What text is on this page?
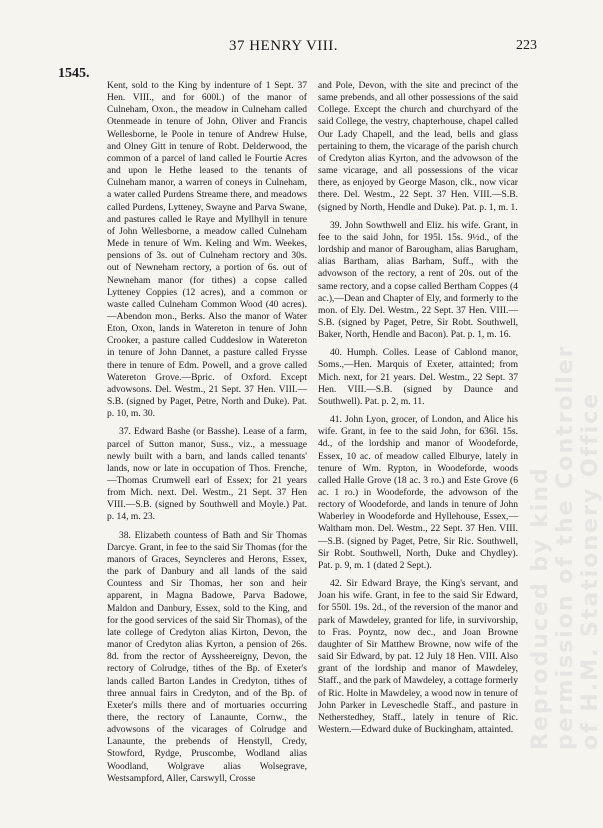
37 HENRY VIII.	223
1545.

Kent, sold to the King by indenture of 1 Sept. 37 Hen. VIII., and for 600l.) of the manor of Culneham, Oxon., the meadow in Culneham called Otenmeade in tenure of John, Oliver and Francis Wellesborne, le Poole in tenure of Andrew Hulse, and Olney Gitt in tenure of Robt. Delderwood, the common of a parcel of land called le Fourtie Acres and upon le Hethe leased to the tenants of Culneham manor, a warren of coneys in Culneham, a water called Purdens Streame there, and meadows called Purdens, Lytteney, Swayne and Parva Swane, and pastures called le Raye and Myllhyll in tenure of John Wellesborne, a meadow called Culneham Mede in tenure of Wm. Keling and Wm. Weekes, pensions of 3s. out of Culneham rectory and 30s. out of Newneham rectory, a portion of 6s. out of Newneham manor (for tithes) a copse called Lytteney Coppies (12 acres), and a common or waste called Culneham Common Wood (40 acres).—Abendon mon., Berks. Also the manor of Water Eton, Oxon, lands in Watereton in tenure of John Crooker, a pasture called Cuddeslow in Watereton in tenure of John Dannet, a pasture called Frysse there in tenure of Edm. Powell, and a grove called Watereton Grove.—Bpric. of Oxford. Except advowsons. Del. Westm., 21 Sept. 37 Hen. VIII.—S.B. (signed by Paget, Petre, North and Duke). Pat. p. 10, m. 30.

37. Edward Bashe (or Basshe). Lease of a farm, parcel of Sutton manor, Suss., viz., a messuage newly built with a barn, and lands called tenants' lands, now or late in occupation of Thos. Frenche,—Thomas Crumwell earl of Essex; for 21 years from Mich. next. Del. Westm., 21 Sept. 37 Hen VIII.—S.B. (signed by Southwell and Moyle.) Pat. p. 14, m. 23.

38. Elizabeth countess of Bath and Sir Thomas Darcye. Grant, in fee to the said Sir Thomas (for the manors of Graces, Seyncleres and Herons, Essex, the park of Danbury and all lands of the said Countess and Sir Thomas, her son and heir apparent, in Magna Badowe, Parva Badowe, Maldon and Danbury, Essex, sold to the King, and for the good services of the said Sir Thomas), of the late college of Credyton alias Kirton, Devon, the manor of Credyton alias Kyrton, a pension of 26s. 8d. from the rector of Ayssheereigny, Devon, the rectory of Colrudge, tithes of the Bp. of Exeter's lands called Barton Landes in Credyton, tithes of three annual fairs in Credyton, and of the Bp. of Exeter's mills there and of mortuaries occurring there, the rectory of Lanaunte, Cornw., the advowsons of the vicarages of Colrudge and Lanaunte, the prebends of Henstyll, Credy, Stowford, Rydge, Pruscombe, Wodland alias Woodland, Wolgrave alias Wolsegrave, Westsampford, Aller, Carswyll, Crosse

and Pole, Devon, with the site and precinct of the same prebends, and all other possessions of the said College. Except the church and churchyard of the said College, the vestry, chapterhouse, chapel called Our Lady Chapell, and the lead, bells and glass pertaining to them, the vicarage of the parish church of Credyton alias Kyrton, and the advowson of the same vicarage, and all possessions of the vicar there, as enjoyed by George Mason, clk., now vicar there. Del. Westm., 22 Sept. 37 Hen. VIII.—S.B. (signed by North, Hendle and Duke). Pat. p. 1, m. 1.

39. John Sowthwell and Eliz. his wife. Grant, in fee to the said John, for 195l. 15s. 9½d., of the lordship and manor of Barougham, alias Barugham, alias Bartham, alias Barham, Suff., with the advowson of the rectory, a rent of 20s. out of the same rectory, and a copse called Bertham Coppes (4 ac.),—Dean and Chapter of Ely, and formerly to the mon. of Ely. Del. Westm., 22 Sept. 37 Hen. VIII.—S.B. (signed by Paget, Petre, Sir Robt. Southwell, Baker, North, Hendle and Bacon). Pat. p. 1, m. 16.

40. Humph. Colles. Lease of Cablond manor, Soms.,—Hen. Marquis of Exeter, attainted; from Mich. next, for 21 years. Del. Westm., 22 Sept. 37 Hen. VIII.—S.B. (signed by Daunce and Southwell). Pat. p. 2, m. 11.

41. John Lyon, grocer, of London, and Alice his wife. Grant, in fee to the said John, for 636l. 15s. 4d., of the lordship and manor of Woodeforde, Essex, 10 ac. of meadow called Elburye, lately in tenure of Wm. Rypton, in Woodeforde, woods called Halle Grove (18 ac. 3 ro.) and Este Grove (6 ac. 1 ro.) in Woodeforde, the advowson of the rectory of Woodeforde, and lands in tenure of John Waberley in Woodeforde and Hyllehouse, Essex,—Waltham mon. Del. Westm., 22 Sept. 37 Hen. VIII.—S.B. (signed by Paget, Petre, Sir Ric. Southwell, Sir Robt. Southwell, North, Duke and Chydley). Pat. p. 9, m. 1 (dated 2 Sept.).

42. Sir Edward Braye, the King's servant, and Joan his wife. Grant, in fee to the said Sir Edward, for 550l. 19s. 2d., of the reversion of the manor and park of Mawdeley, granted for life, in survivorship, to Fras. Poyntz, now dec., and Joan Browne daughter of Sir Matthew Browne, now wife of the said Sir Edward, by pat. 12 July 18 Hen. VIII. Also grant of the lordship and manor of Mawdeley, Staff., and the park of Mawdeley, a cottage formerly of Ric. Holte in Mawdeley, a wood now in tenure of John Parker in Leveschedle Staff., and pasture in Netherstedhey, Staff., lately in tenure of Ric. Western.—Edward duke of Buckingham, attainted. Reproduced by kind permission of the Controller of H.M. Stationery Office
